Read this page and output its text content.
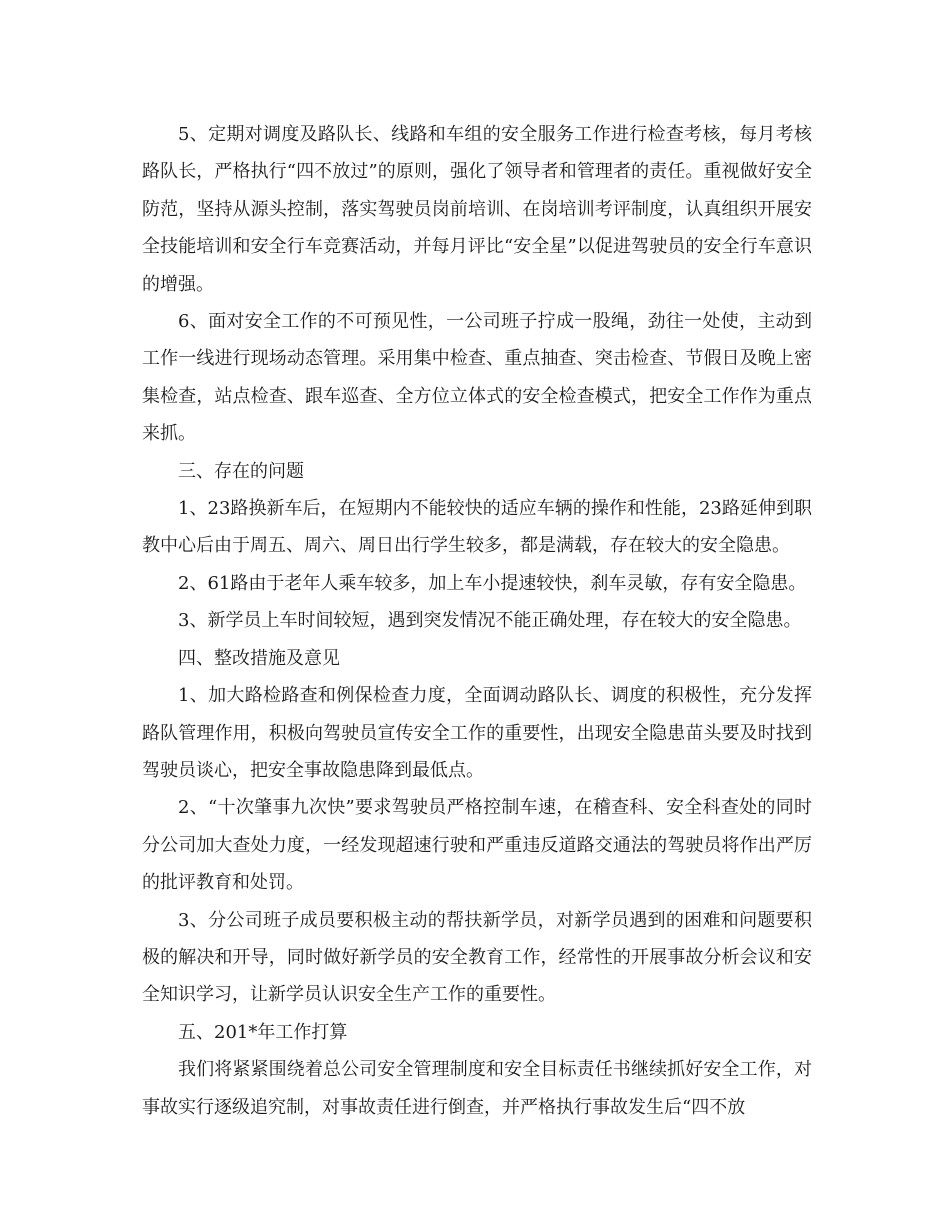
5、定期对调度及路队长、线路和车组的安全服务工作进行检查考核，每月考核路队长，严格执行“四不放过”的原则，强化了领导者和管理者的责任。重视做好安全防范，坚持从源头控制，落实驾驶员岗前培训、在岗培训考评制度，认真组织开展安全技能培训和安全行车竞赛活动，并每月评比“安全星”以促进驾驶员的安全行车意识的增强。

6、面对安全工作的不可预见性，一公司班子拧成一股绳，劲往一处使，主动到工作一线进行现场动态管理。采用集中检查、重点抽查、突击检查、节假日及晚上密集检查，站点检查、跟车巡查、全方位立体式的安全检查模式，把安全工作作为重点来抓。

三、存在的问题

1、23路换新车后，在短期内不能较快的适应车辆的操作和性能，23路延伸到职教中心后由于周五、周六、周日出行学生较多，都是满载，存在较大的安全隐患。

2、61路由于老年人乘车较多，加上车小提速较快，刹车灵敏，存有安全隐患。

3、新学员上车时间较短，遇到突发情况不能正确处理，存在较大的安全隐患。

四、整改措施及意见

1、加大路检路查和例保检查力度，全面调动路队长、调度的积极性，充分发挥路队管理作用，积极向驾驶员宣传安全工作的重要性，出现安全隐患苗头要及时找到驾驶员谈心，把安全事故隐患降到最低点。

2、“十次肇事九次快”要求驾驶员严格控制车速，在稽查科、安全科查处的同时分公司加大查处力度，一经发现超速行驶和严重违反道路交通法的驾驶员将作出严厉的批评教育和处罚。

3、分公司班子成员要积极主动的帮扶新学员，对新学员遇到的困难和问题要积极的解决和开导，同时做好新学员的安全教育工作，经常性的开展事故分析会议和安全知识学习，让新学员认识安全生产工作的重要性。

五、201*年工作打算

我们将紧紧围绕着总公司安全管理制度和安全目标责任书继续抓好安全工作，对事故实行逐级追究制，对事故责任进行倒查，并严格执行事故发生后“四不放
